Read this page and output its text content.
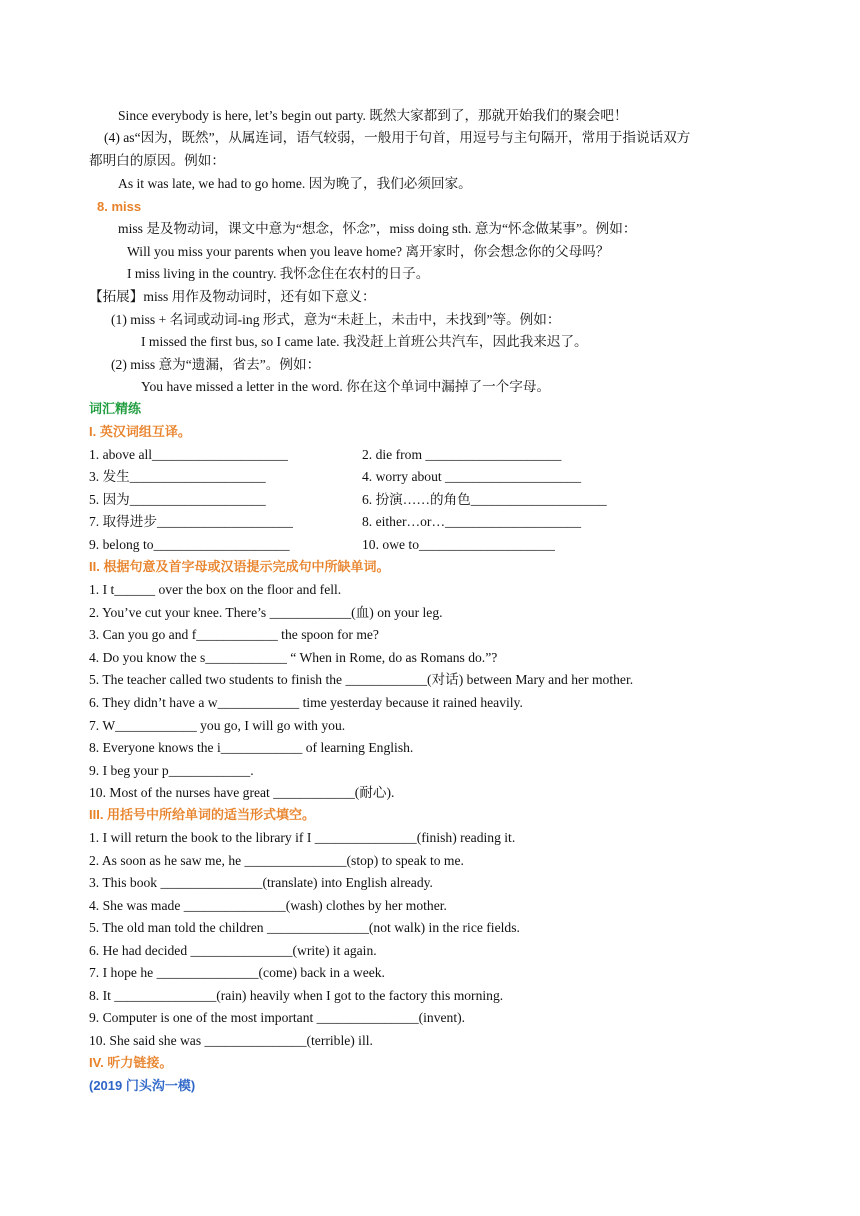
Since everybody is here, let’s begin out party. 既然大家都到了，那就开始我们的聚会吧！
(4) as“因为，既然”，从属连词，语气较弱，一般用于句首，用逗号与主句隔开，常用于指说话双方
都明白的原因。例如：
As it was late, we had to go home. 因为晚了，我们必须回家。
8. miss
miss 是及物动词，课文中意为“想念，怀念”，miss doing sth. 意为“怀念做某事”。例如：
Will you miss your parents when you leave home? 离开家时，你会想念你的父母吗？
I miss living in the country. 我怀念住在农村的日子。
【拓展】miss 用作及物动词时，还有如下意义：
(1) miss + 名词或动词-ing 形式，意为“未赶上，未击中，未找到”等。例如：
I missed the first bus, so I came late. 我没赶上首班公共汽车，因此我来迟了。
(2) miss 意为“遗漏，省去”。例如：
You have missed a letter in the word. 你在这个单词中漏掉了一个字母。
词汇精练
I. 英汉词组互译。
1. above all____________________	2. die from ____________________
3. 发生____________________	4. worry about ____________________
5. 因为____________________	6. 扮演……的角色____________________
7. 取得进步____________________	8. either…or…____________________
9. belong to____________________	10. owe to____________________
II. 根据句意及首字母或汉语提示完成句中所缺单词。
1. I t______ over the box on the floor and fell.
2. You’ve cut your knee. There’s ____________(血) on your leg.
3. Can you go and f____________ the spoon for me?
4. Do you know the s____________ “ When in Rome, do as Romans do.”?
5. The teacher called two students to finish the ____________(对话) between Mary and her mother.
6. They didn’t have a w____________ time yesterday because it rained heavily.
7. W____________ you go, I will go with you.
8. Everyone knows the i____________ of learning English.
9. I beg your p____________.
10. Most of the nurses have great ____________(耐心).
III. 用括号中所给单词的适当形式填空。
1. I will return the book to the library if I _______________(finish) reading it.
2. As soon as he saw me, he _______________(stop) to speak to me.
3. This book _______________(translate) into English already.
4. She was made _______________(wash) clothes by her mother.
5. The old man told the children _______________(not walk) in the rice fields.
6. He had decided _______________(write) it again.
7. I hope he _______________(come) back in a week.
8. It _______________(rain) heavily when I got to the factory this morning.
9. Computer is one of the most important _______________(invent).
10. She said she was _______________(terrible) ill.
IV. 听力链接。
(2019 门头沟一模)
